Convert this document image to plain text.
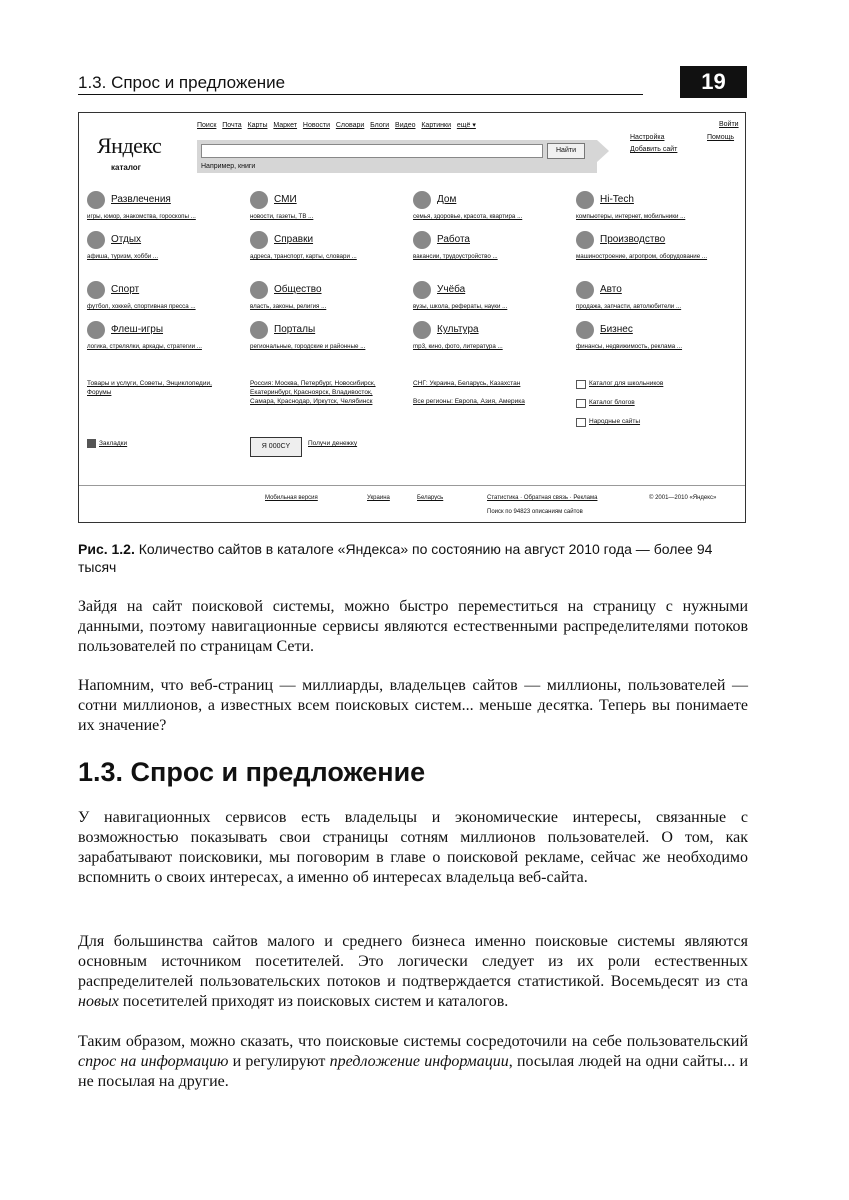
1.3. Спрос и предложение	19
Поиск Почта Карты Маркет Новости Словари Блоги Видео Картинки ещё ▾	Войти
Настройка	Помощь
Добавить сайт
Яндекс
каталог
Найти
Например, книги
Развлечения
игры, юмор, знакомства, гороскопы ...
СМИ
новости, газеты, ТВ ...
Дом
семья, здоровье, красота, квартира ...
Hi-Tech
компьютеры, интернет, мобильники ...
Отдых
афиша, туризм, хобби ...
Справки
адреса, транспорт, карты, словари ...
Работа
вакансии, трудоустройство ...
Производство
машиностроение, агропром, оборудование ...
Спорт
футбол, хоккей, спортивная пресса ...
Общество
власть, законы, религия ...
Учёба
вузы, школа, рефераты, науки ...
Авто
продажа, запчасти, автолюбители ...
Флеш-игры
логика, стрелялки, аркады, стратегии ...
Порталы
региональные, городские и районные ...
Культура
mp3, кино, фото, литература ...
Бизнес
финансы, недвижимость, реклама ...
Товары и услуги, Советы, Энциклопедии, Форумы
Россия: Москва, Петербург, Новосибирск, Екатеринбург, Красноярск, Владивосток, Самара, Краснодар, Иркутск, Челябинск
СНГ: Украина, Беларусь, Казахстан
Все регионы: Европа, Азия, Америка
Каталог для школьников
Каталог блогов
Народные сайты
Закладки	Я 000CY	Получи денежку
Мобильная версия	Украина	Беларусь	Статистика · Обратная связь · Реклама	© 2001—2010 «Яндекс»
Поиск по 94823 описаниям сайтов
Рис. 1.2. Количество сайтов в каталоге «Яндекса» по состоянию на август 2010 года — более 94 тысяч
Зайдя на сайт поисковой системы, можно быстро переместиться на страницу с нужными данными, поэтому навигационные сервисы являются естественными распределителями потоков пользователей по страницам Сети.
Напомним, что веб-страниц — миллиарды, владельцев сайтов — миллионы, пользователей — сотни миллионов, а известных всем поисковых систем... меньше десятка. Теперь вы понимаете их значение?
1.3. Спрос и предложение
У навигационных сервисов есть владельцы и экономические интересы, связанные с возможностью показывать свои страницы сотням миллионов пользователей. О том, как зарабатывают поисковики, мы поговорим в главе о поисковой рекламе, сейчас же необходимо вспомнить о своих интересах, а именно об интересах владельца веб-сайта.
Для большинства сайтов малого и среднего бизнеса именно поисковые системы являются основным источником посетителей. Это логически следует из их роли естественных распределителей пользовательских потоков и подтверждается статистикой. Восемьдесят из ста новых посетителей приходят из поисковых систем и каталогов.
Таким образом, можно сказать, что поисковые системы сосредоточили на себе пользовательский спрос на информацию и регулируют предложение информации, посылая людей на одни сайты... и не посылая на другие.
